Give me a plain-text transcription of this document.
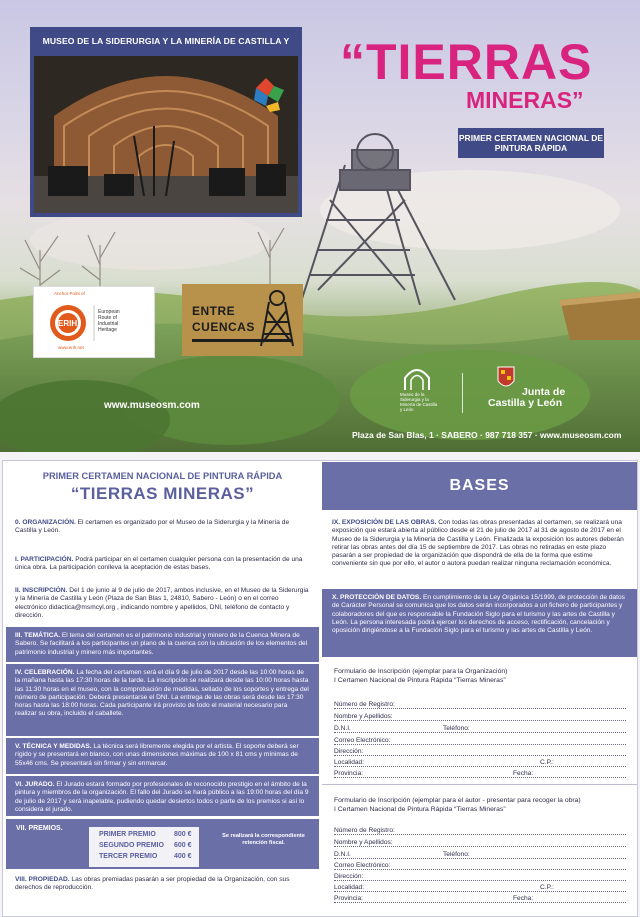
MUSEO DE LA SIDERURGIA Y LA MINERÍA DE CASTILLA Y “TIERRAS
MINERAS”
PRIMER CERTAMEN NACIONAL DE PINTURA RÁPIDA
Anchor Point of
ERIH
European Route of Industrial Heritage
www.erih.net
ENTRE
CUENCAS
www.museosm.com
Museo de la Siderurgia y la Minería de Castilla y León
Junta de
Castilla y León
Plaza de San Blas, 1 · SABERO · 987 718 357 · www.museosm.com
PRIMER CERTAMEN NACIONAL DE PINTURA RÁPIDA
“TIERRAS MINERAS”	BASES
0. ORGANIZACIÓN. El certamen es organizado por el Museo de la Siderurgia y la Minería de Castilla y León.
I. PARTICIPACIÓN. Podrá participar en el certamen cualquier persona con la presentación de una única obra. La participación conlleva la aceptación de estas bases.
II. INSCRIPCIÓN. Del 1 de junio al 9 de julio de 2017, ambos inclusive, en el Museo de la Siderurgia y la Minería de Castilla y León (Plaza de San Blas 1, 24810, Sabero - León) o en el correo electrónico didactica@msmcyl.org , indicando nombre y apellidos, DNI, teléfono de contacto y dirección.
III. TEMÁTICA. El tema del certamen es el patrimonio industrial y minero de la Cuenca Minera de Sabero. Se facilitará a los participantes un plano de la cuenca con la ubicación de los elementos del patrimonio industrial y minero más importantes.
IV. CELEBRACIÓN. La fecha del certamen será el día 9 de julio de 2017 desde las 10:00 horas de la mañana hasta las 17:30 horas de la tarde. La inscripción se realizará desde las 10:00 horas hasta las 11:30 horas en el museo, con la comprobación de medidas, sellado de los soportes y entrega del número de participación. Deberá presentarse el DNI. La entrega de las obras será desde las 17:30 horas hasta las 18:00 horas. Cada participante irá provisto de todo el material necesario para realizar su obra, incluido el caballete.
V. TÉCNICA Y MEDIDAS. La técnica será libremente elegida por el artista. El soporte deberá ser rígido y se presentará en blanco, con unas dimensiones máximas de 100 x 81 cms y mínimas de 55x46 cms. Se presentará sin firmar y sin enmarcar.
VI. JURADO. El Jurado estará formado por profesionales de reconocido prestigio en el ámbito de la pintura y miembros de la organización. El fallo del Jurado se hará público a las 19:00 horas del día 9 de julio de 2017 y será inapelable, pudiendo quedar desiertos todos o parte de los premios si así lo considera el jurado.
VII. PREMIOS.
PRIMER PREMIO	800 €
SEGUNDO PREMIO 600 €
TERCER PREMIO 400 €
Se realizará la correspondiente retención fiscal.
VIII. PROPIEDAD. Las obras premiadas pasarán a ser propiedad de la Organización, con sus derechos de reproducción.
IX. EXPOSICIÓN DE LAS OBRAS. Con todas las obras presentadas al certamen, se realizará una exposición que estará abierta al público desde el 21 de julio de 2017 al 31 de agosto de 2017 en el Museo de la Siderurgia y la Minería de Castilla y León. Finalizada la exposición los autores deberán retirar las obras antes del día 15 de septiembre de 2017. Las obras no retiradas en este plazo pasarán a ser propiedad de la organización que dispondrá de ella de la forma que estime conveniente sin que por ello, el autor o autora puedan realizar ninguna reclamación económica.
X. PROTECCIÓN DE DATOS. En cumplimiento de la Ley Orgánica 15/1999, de protección de datos de Carácter Personal se comunica que los datos serán incorporados a un fichero de participantes y colaboradores del que es responsable la Fundación Siglo para el turismo y las artes de Castilla y León. La persona interesada podrá ejercer los derechos de acceso, rectificación, cancelación y oposición dirigiéndose a la Fundación Siglo para el turismo y las artes de Castilla y León.
Formulario de Inscripción (ejemplar para la Organización)
I Certamen Nacional de Pintura Rápida “Tierras Mineras”
Número de Registro:
Nombre y Apellidos:
D.N.I.	Teléfono:
Correo Electrónico:
Dirección:
Localidad:	C.P.:
Provincia:	Fecha:
Formulario de Inscripción (ejemplar para el autor - presentar para recoger la obra)
I Certamen Nacional de Pintura Rápida “Tierras Mineras”
Número de Registro:
Nombre y Apellidos:
D.N.I.	Teléfono:
Correo Electrónico:
Dirección:
Localidad:	C.P.:
Provincia:	Fecha:
